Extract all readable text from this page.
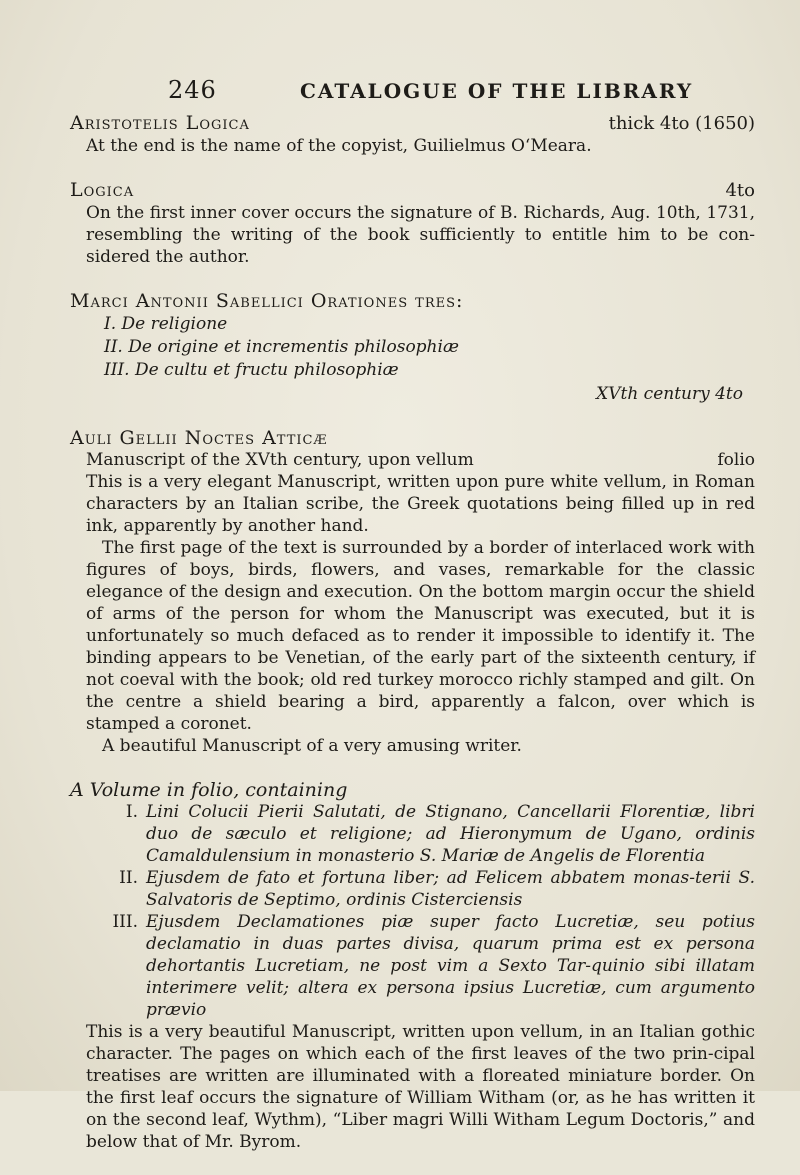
246	CATALOGUE OF THE LIBRARY
Aristotelis Logica	thick 4to (1650)
At the end is the name of the copyist, Guilielmus O‘Meara.
Logica	4to
On the first inner cover occurs the signature of B. Richards, Aug. 10th, 1731, resembling the writing of the book sufficiently to entitle him to be con-sidered the author.
Marci Antonii Sabellici Orationes tres:
I. De religione
II. De origine et incrementis philosophiæ
III. De cultu et fructu philosophiæ
XVth century 4to
Auli Gellii Noctes Atticæ
Manuscript of the XVth century, upon vellum	folio
This is a very elegant Manuscript, written upon pure white vellum, in Roman characters by an Italian scribe, the Greek quotations being filled up in red ink, apparently by another hand.
The first page of the text is surrounded by a border of interlaced work with figures of boys, birds, flowers, and vases, remarkable for the classic elegance of the design and execution. On the bottom margin occur the shield of arms of the person for whom the Manuscript was executed, but it is unfortunately so much defaced as to render it impossible to identify it. The binding appears to be Venetian, of the early part of the sixteenth century, if not coeval with the book; old red turkey morocco richly stamped and gilt. On the centre a shield bearing a bird, apparently a falcon, over which is stamped a coronet.
A beautiful Manuscript of a very amusing writer.
A Volume in folio, containing
I. Lini Colucii Pierii Salutati, de Stignano, Cancellarii Florentiæ, libri duo de sæculo et religione; ad Hieronymum de Ugano, ordinis Camaldulensium in monasterio S. Mariæ de Angelis de Florentia
II. Ejusdem de fato et fortuna liber; ad Felicem abbatem monas-terii S. Salvatoris de Septimo, ordinis Cisterciensis
III. Ejusdem Declamationes piæ super facto Lucretiæ, seu potius declamatio in duas partes divisa, quarum prima est ex persona dehortantis Lucretiam, ne post vim a Sexto Tar-quinio sibi illatam interimere velit; altera ex persona ipsius Lucretiæ, cum argumento prævio
This is a very beautiful Manuscript, written upon vellum, in an Italian gothic character. The pages on which each of the first leaves of the two prin-cipal treatises are written are illuminated with a floreated miniature border. On the first leaf occurs the signature of William Witham (or, as he has written it on the second leaf, Wythm), “Liber magri Willi Witham Legum Doctoris,” and below that of Mr. Byrom.
